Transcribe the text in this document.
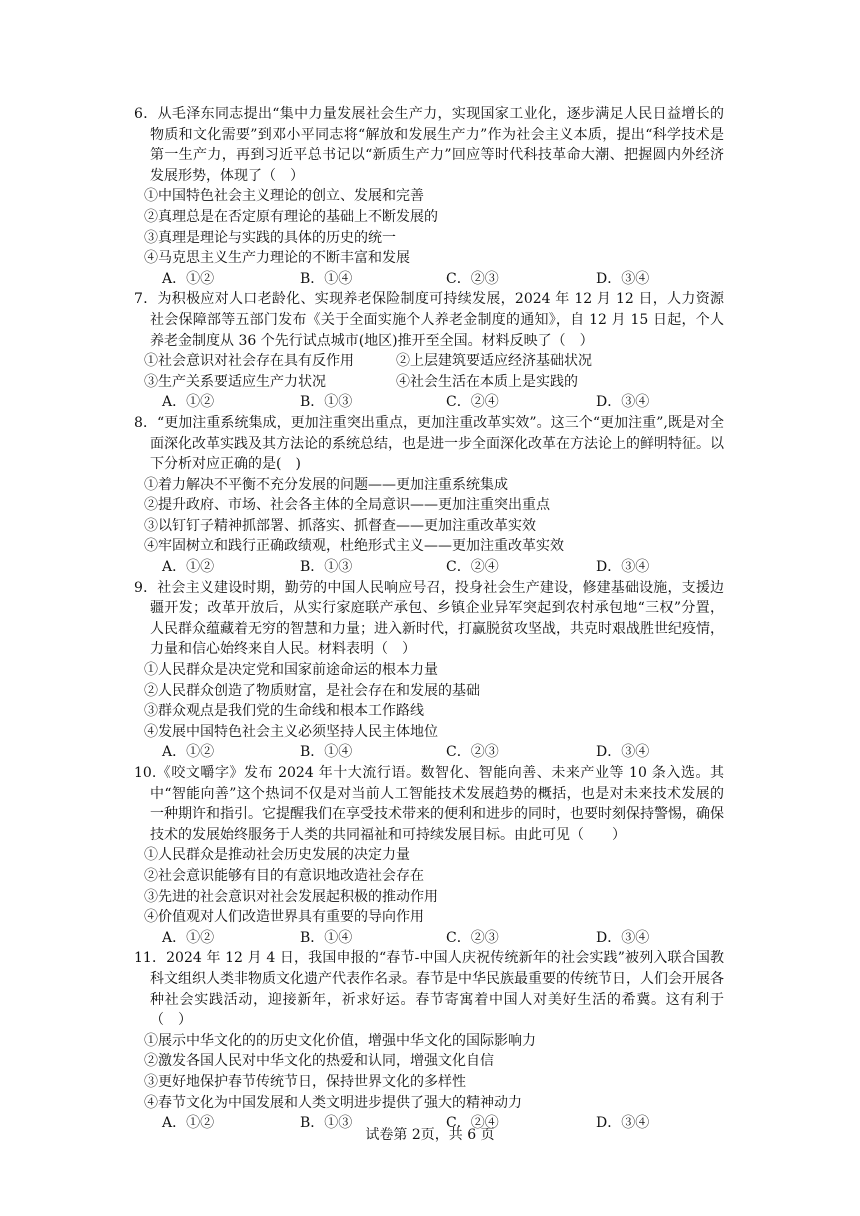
6．从毛泽东同志提出“集中力量发展社会生产力，实现国家工业化，逐步满足人民日益增长的物质和文化需要”到邓小平同志将“解放和发展生产力”作为社会主义本质，提出“科学技术是第一生产力，再到习近平总书记以“新质生产力”回应等时代科技革命大潮、把握圆内外经济发展形势，体现了（　）

①中国特色社会主义理论的创立、发展和完善

②真理总是在否定原有理论的基础上不断发展的

③真理是理论与实践的具体的历史的统一

④马克思主义生产力理论的不断丰富和发展

A．①②	B．①④	C．②③	D．③④

7．为积极应对人口老龄化、实现养老保险制度可持续发展，2024 年 12 月 12 日，人力资源社会保障部等五部门发布《关于全面实施个人养老金制度的通知》，自 12 月 15 日起，个人养老金制度从 36 个先行试点城市(地区)推开至全国。材料反映了（　）

①社会意识对社会存在具有反作用	②上层建筑要适应经济基础状况
③生产关系要适应生产力状况	④社会生活在本质上是实践的
A．①②	B．①③	C．②④	D．③④

8．“更加注重系统集成，更加注重突出重点，更加注重改革实效”。这三个“更加注重”,既是对全面深化改革实践及其方法论的系统总结，也是进一步全面深化改革在方法论上的鲜明特征。以下分析对应正确的是(　)

①着力解决不平衡不充分发展的问题——更加注重系统集成

②提升政府、市场、社会各主体的全局意识——更加注重突出重点

③以钉钉子精神抓部署、抓落实、抓督查——更加注重改革实效

④牢固树立和践行正确政绩观，杜绝形式主义——更加注重改革实效

A．①②	B．①③	C．②④	D．③④

9．社会主义建设时期，勤劳的中国人民响应号召，投身社会生产建设，修建基础设施，支援边疆开发；改革开放后，从实行家庭联产承包、乡镇企业异军突起到农村承包地“三权”分置，人民群众蕴藏着无穷的智慧和力量；进入新时代，打赢脱贫攻坚战，共克时艰战胜世纪疫情，力量和信心始终来自人民。材料表明（　）

①人民群众是决定党和国家前途命运的根本力量

②人民群众创造了物质财富，是社会存在和发展的基础

③群众观点是我们党的生命线和根本工作路线

④发展中国特色社会主义必须坚持人民主体地位

A．①②	B．①④	C．②③	D．③④

10.《咬文嚼字》发布 2024 年十大流行语。数智化、智能向善、未来产业等 10 条入选。其中“智能向善”这个热词不仅是对当前人工智能技术发展趋势的概括，也是对未来技术发展的一种期许和指引。它提醒我们在享受技术带来的便利和进步的同时，也要时刻保持警惕，确保技术的发展始终服务于人类的共同福祉和可持续发展目标。由此可见（　　）

①人民群众是推动社会历史发展的决定力量

②社会意识能够有目的有意识地改造社会存在

③先进的社会意识对社会发展起积极的推动作用

④价值观对人们改造世界具有重要的导向作用

A．①②	B．①④	C．②③	D．③④

11．2024 年 12 月 4 日，我国申报的“春节-中国人庆祝传统新年的社会实践”被列入联合国教科文组织人类非物质文化遗产代表作名录。春节是中华民族最重要的传统节日，人们会开展各种社会实践活动，迎接新年，祈求好运。春节寄寓着中国人对美好生活的希冀。这有利于（　）

①展示中华文化的的历史文化价值，增强中华文化的国际影响力

②激发各国人民对中华文化的热爱和认同，增强文化自信

③更好地保护春节传统节日，保持世界文化的多样性

④春节文化为中国发展和人类文明进步提供了强大的精神动力

A．①②	B．①③	C．②④	D．③④
试卷第 2页，共 6 页
